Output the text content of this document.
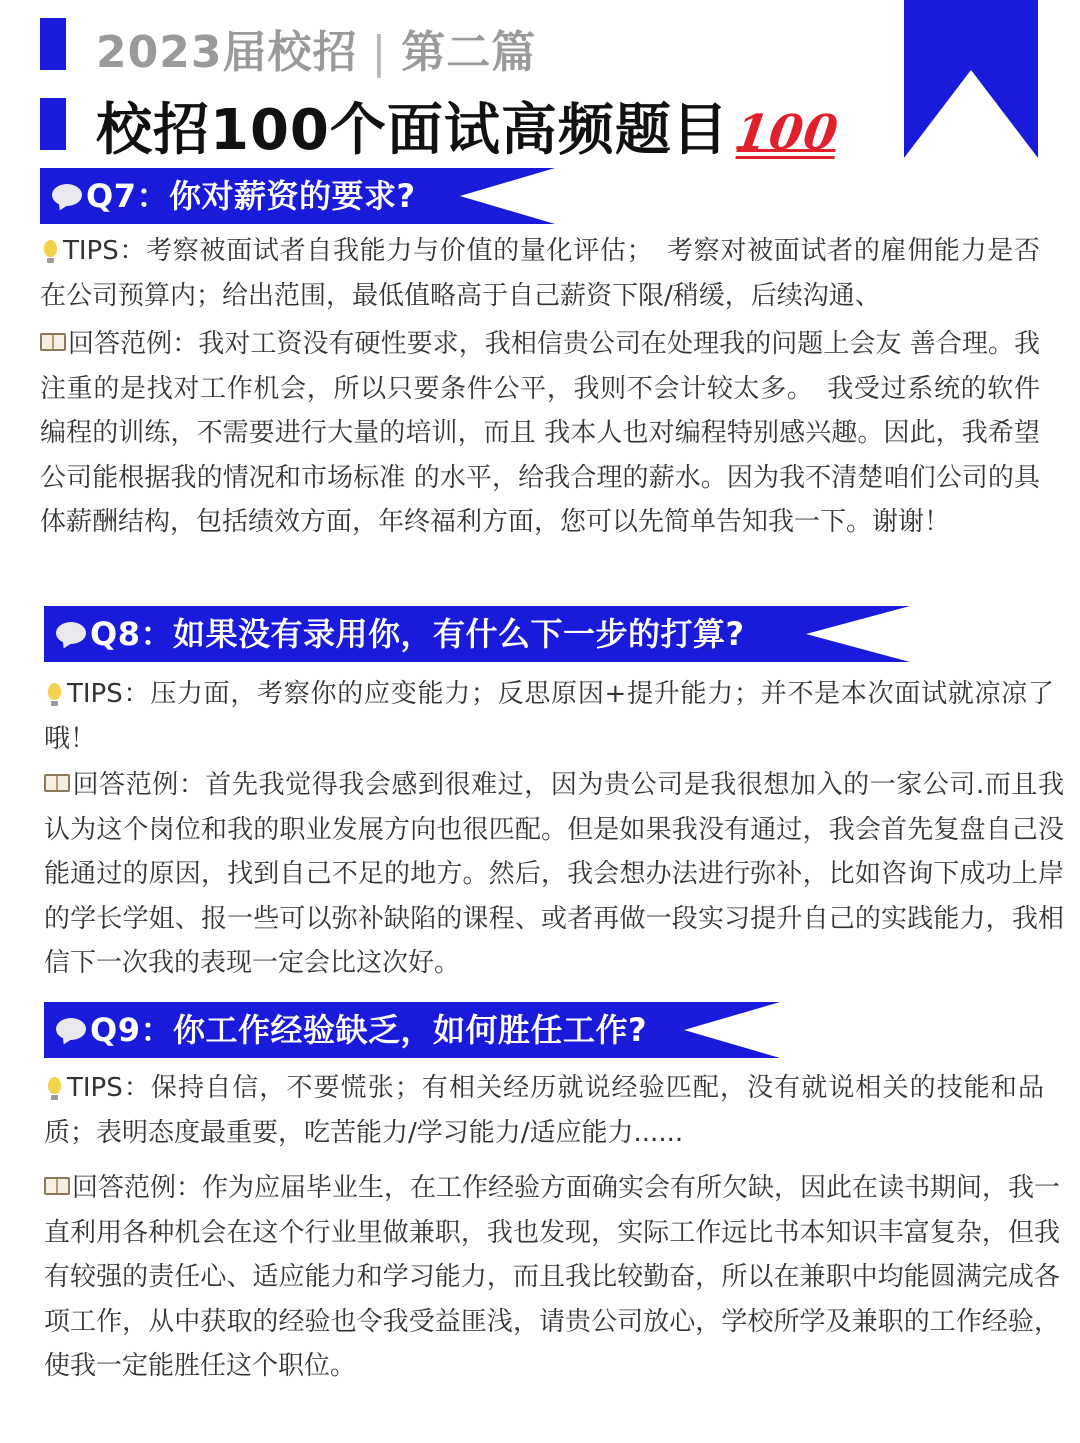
2023届校招 | 第二篇
校招100个面试高频题目100
Q7：你对薪资的要求?

TIPS：考察被面试者自我能力与价值的量化评估；　考察对被面试者的雇佣能力是否在公司预算内；给出范围，最低值略高于自己薪资下限/稍缓，后续沟通、

回答范例：我对工资没有硬性要求，我相信贵公司在处理我的问题上会友 善合理。我注重的是找对工作机会，所以只要条件公平，我则不会计较太多。　我受过系统的软件编程的训练，不需要进行大量的培训，而且 我本人也对编程特别感兴趣。因此，我希望公司能根据我的情况和市场标准 的水平，给我合理的薪水。因为我不清楚咱们公司的具体薪酬结构，包括绩效方面，年终福利方面，您可以先简单告知我一下。谢谢！

Q8：如果没有录用你，有什么下一步的打算?

TIPS：压力面，考察你的应变能力；反思原因+提升能力；并不是本次面试就凉凉了哦！

回答范例：首先我觉得我会感到很难过，因为贵公司是我很想加入的一家公司.而且我认为这个岗位和我的职业发展方向也很匹配。但是如果我没有通过，我会首先复盘自己没能通过的原因，找到自己不足的地方。然后，我会想办法进行弥补，比如咨询下成功上岸的学长学姐、报一些可以弥补缺陷的课程、或者再做一段实习提升自己的实践能力，我相信下一次我的表现一定会比这次好。

Q9：你工作经验缺乏，如何胜任工作?

TIPS：保持自信，不要慌张；有相关经历就说经验匹配，没有就说相关的技能和品质；表明态度最重要，吃苦能力/学习能力/适应能力......

回答范例：作为应届毕业生，在工作经验方面确实会有所欠缺，因此在读书期间，我一直利用各种机会在这个行业里做兼职，我也发现，实际工作远比书本知识丰富复杂，但我有较强的责任心、适应能力和学习能力，而且我比较勤奋，所以在兼职中均能圆满完成各项工作，从中获取的经验也令我受益匪浅，请贵公司放心，学校所学及兼职的工作经验，使我一定能胜任这个职位。
